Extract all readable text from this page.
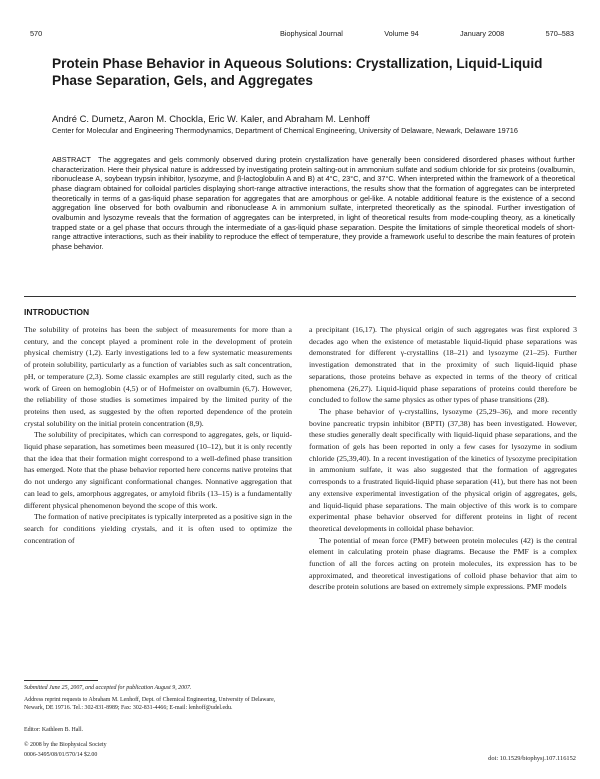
570	Biophysical Journal	Volume 94	January 2008	570–583
Protein Phase Behavior in Aqueous Solutions: Crystallization, Liquid-Liquid Phase Separation, Gels, and Aggregates
André C. Dumetz, Aaron M. Chockla, Eric W. Kaler, and Abraham M. Lenhoff
Center for Molecular and Engineering Thermodynamics, Department of Chemical Engineering, University of Delaware, Newark, Delaware 19716
ABSTRACT The aggregates and gels commonly observed during protein crystallization have generally been considered disordered phases without further characterization. Here their physical nature is addressed by investigating protein salting-out in ammonium sulfate and sodium chloride for six proteins (ovalbumin, ribonuclease A, soybean trypsin inhibitor, lysozyme, and β-lactoglobulin A and B) at 4°C, 23°C, and 37°C. When interpreted within the framework of a theoretical phase diagram obtained for colloidal particles displaying short-range attractive interactions, the results show that the formation of aggregates can be interpreted theoretically in terms of a gas-liquid phase separation for aggregates that are amorphous or gel-like. A notable additional feature is the existence of a second aggregation line observed for both ovalbumin and ribonuclease A in ammonium sulfate, interpreted theoretically as the spinodal. Further investigation of ovalbumin and lysozyme reveals that the formation of aggregates can be interpreted, in light of theoretical results from mode-coupling theory, as a kinetically trapped state or a gel phase that occurs through the intermediate of a gas-liquid phase separation. Despite the limitations of simple theoretical models of short-range attractive interactions, such as their inability to reproduce the effect of temperature, they provide a framework useful to describe the main features of protein phase behavior.
INTRODUCTION

The solubility of proteins has been the subject of measurements for more than a century, and the concept played a prominent role in the development of protein physical chemistry (1,2). Early investigations led to a few systematic measurements of protein solubility, particularly as a function of variables such as salt concentration, pH, or temperature (2,3). Some classic examples are still regularly cited, such as the work of Green on hemoglobin (4,5) or of Hofmeister on ovalbumin (6,7). However, the reliability of those studies is sometimes impaired by the limited purity of the proteins then used, as suggested by the often reported dependence of the protein crystal solubility on the initial protein concentration (8,9).

The solubility of precipitates, which can correspond to aggregates, gels, or liquid-liquid phase separation, has sometimes been measured (10–12), but it is only recently that the idea that their formation might correspond to a well-defined phase transition has emerged. Note that the phase behavior reported here concerns native proteins that do not undergo any significant conformational changes. Nonnative aggregation that can lead to gels, amorphous aggregates, or amyloid fibrils (13–15) is a fundamentally different physical phenomenon beyond the scope of this work.

The formation of native precipitates is typically interpreted as a positive sign in the search for conditions yielding crystals, and it is often used to optimize the concentration of

a precipitant (16,17). The physical origin of such aggregates was first explored 3 decades ago when the existence of metastable liquid-liquid phase separations was demonstrated for different γ-crystallins (18–21) and lysozyme (21–25). Further investigation demonstrated that in the proximity of such liquid-liquid phase separations, those proteins behave as expected in terms of the theory of critical phenomena (26,27). Liquid-liquid phase separations of proteins could therefore be concluded to follow the same physics as other types of phase transitions (28).

The phase behavior of γ-crystallins, lysozyme (25,29–36), and more recently bovine pancreatic trypsin inhibitor (BPTI) (37,38) has been investigated. However, these studies generally dealt specifically with liquid-liquid phase separations, and the formation of gels has been reported in only a few cases for lysozyme in sodium chloride (25,39,40). In a recent investigation of the kinetics of lysozyme precipitation in ammonium sulfate, it was also suggested that the formation of aggregates corresponds to a frustrated liquid-liquid phase separation (41), but there has not been any extensive experimental investigation of the physical origin of aggregates, gels, and liquid-liquid phase separations. The main objective of this work is to compare experimental phase behavior observed for different proteins in light of recent theoretical developments in colloidal phase behavior.

The potential of mean force (PMF) between protein molecules (42) is the central element in calculating protein phase diagrams. Because the PMF is a complex function of all the forces acting on protein molecules, its expression has to be approximated, and theoretical investigations of colloid phase behavior that aim to describe protein solutions are based on extremely simple expressions. PMF models

Submitted June 25, 2007, and accepted for publication August 9, 2007.
Address reprint requests to Abraham M. Lenhoff, Dept. of Chemical Engineering, University of Delaware, Newark, DE 19716. Tel.: 302-831-8989; Fax: 302-831-4466; E-mail: lenhoff@udel.edu.
Editor: Kathleen B. Hall.
© 2008 by the Biophysical Society
0006-3495/08/01/570/14 $2.00	doi: 10.1529/biophysj.107.116152
